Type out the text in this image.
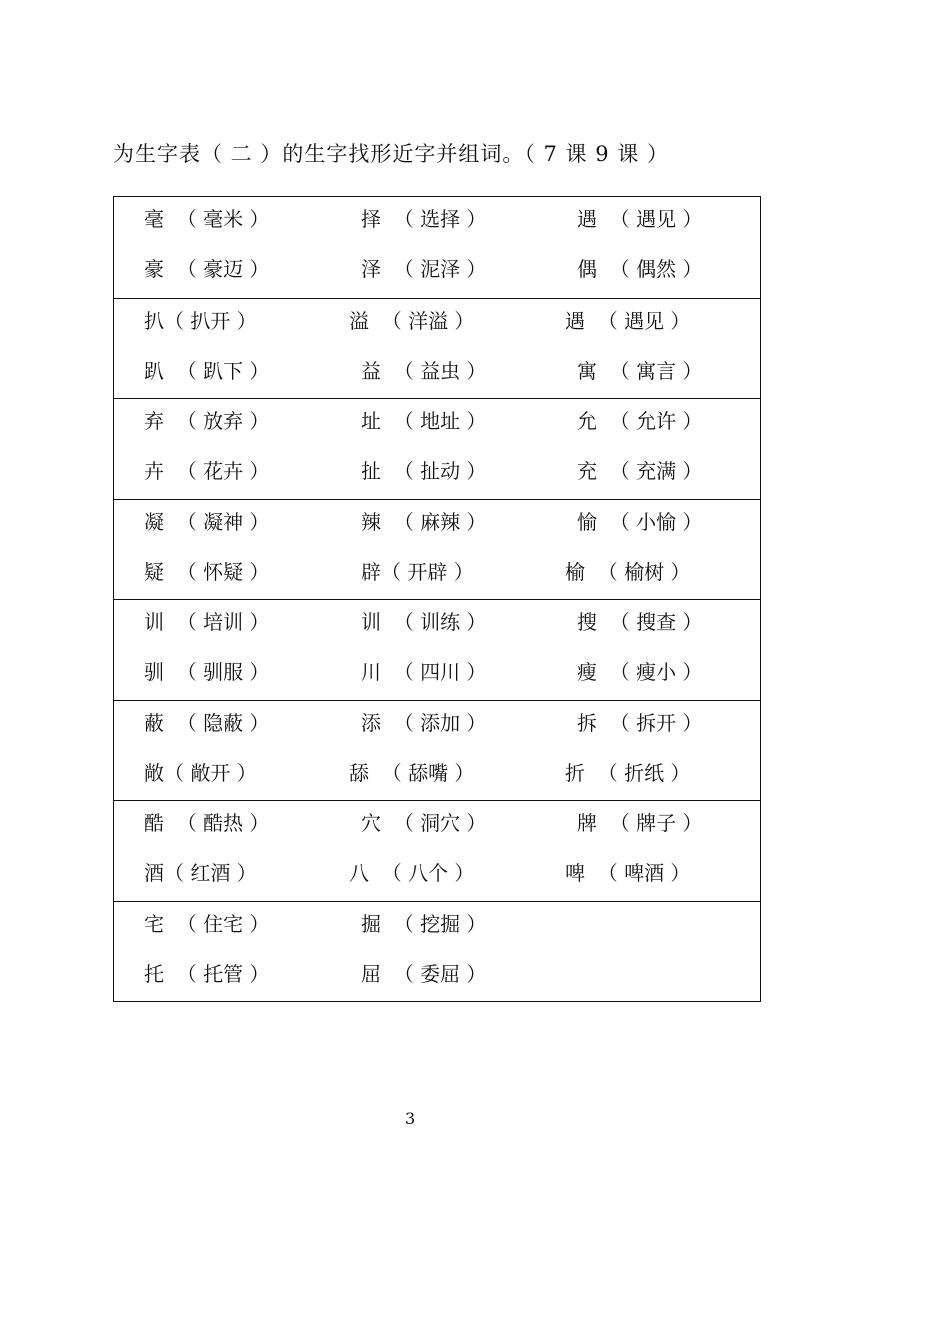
为生字表（ 二 ）的生字找形近字并组词。（ 7 课 9 课 ）
毫  （ 毫米 ）	择  （ 选择 ）	遇  （ 遇见 ）
豪  （ 豪迈 ）	泽  （ 泥泽 ）	偶  （ 偶然 ）
扒（ 扒开 ）	溢  （ 洋溢 ）	遇  （ 遇见 ）
趴  （ 趴下 ）	益  （ 益虫 ）	寓  （ 寓言 ）
弃  （ 放弃 ）	址  （ 地址 ）	允  （ 允许 ）
卉  （ 花卉 ）	扯  （ 扯动 ）	充  （ 充满 ）
凝  （ 凝神 ）	辣  （ 麻辣 ）	愉  （ 小愉 ）
疑  （ 怀疑 ）	辟（ 开辟 ）	榆  （ 榆树 ）
训  （ 培训 ）	训  （ 训练 ）	搜  （ 搜查 ）
驯  （ 驯服 ）	川  （ 四川 ）	瘦  （ 瘦小 ）
蔽  （ 隐蔽 ）	添  （ 添加 ）	拆  （ 拆开 ）
敞（ 敞开 ）	舔  （ 舔嘴 ）	折  （ 折纸 ）
酷  （ 酷热 ）	穴  （ 洞穴 ）	牌  （ 牌子 ）
酒（ 红酒 ）	八  （ 八个 ）	啤  （ 啤酒 ）
宅  （ 住宅 ）	掘  （ 挖掘 ）
托  （ 托管 ）	屈  （ 委屈 ）
3
